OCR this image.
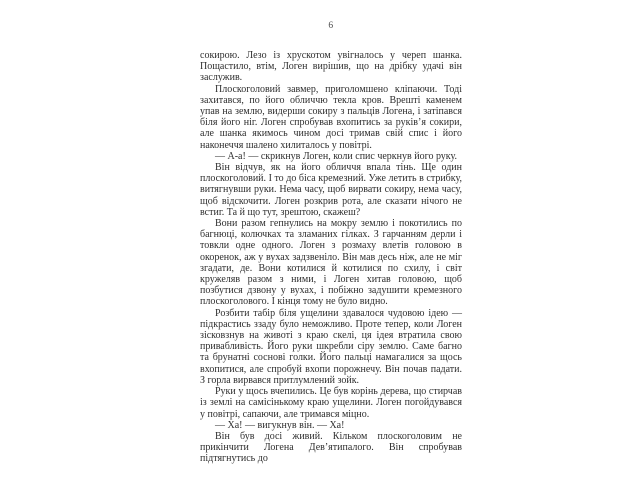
6

сокирою. Лезо із хрускотом увігналось у череп шанка. Пощастило, втім, Логен вирішив, що на дрібку удачі він заслужив.

Плоскоголовий завмер, приголомшено кліпаючи. Тоді захитався, по його обличчю текла кров. Врешті каменем упав на землю, видерши сокиру з пальців Логена, і затіпався біля його ніг. Логен спробував вхопитись за руків’я сокири, але шанка якимось чином досі тримав свій спис і його наконеччя шалено хилиталось у повітрі.

— А-а! — скрикнув Логен, коли спис черкнув його руку.

Він відчув, як на його обличчя впала тінь. Ще один плоскоголовий. І то до біса кремезний. Уже летить в стрибку, витягнувши руки. Нема часу, щоб вирвати сокиру, нема часу, щоб відскочити. Логен розкрив рота, але сказати нічого не встиг. Та й що тут, зрештою, скажеш?

Вони разом гепнулись на мокру землю і покотились по багнюці, колючках та зламаних гілках. З гарчанням дерли і товкли одне одного. Логен з розмаху влетів головою в окоренок, аж у вухах задзвеніло. Він мав десь ніж, але не міг згадати, де. Вони котилися й котилися по схилу, і світ кружеляв разом з ними, і Логен хитав головою, щоб позбутися дзвону у вухах, і побіжно задушити кремезного плоскоголового. І кінця тому не було видно.

Розбити табір біля ущелини здавалося чудовою ідею — підкрастись ззаду було неможливо. Проте тепер, коли Логен зісковзнув на животі з краю скелі, ця ідея втратила свою привабливість. Його руки шкребли сіру землю. Саме багно та брунатні соснові голки. Його пальці намагалися за щось вхопитися, але спробуй вхопи порожнечу. Він почав падати. З горла вирвався притлумлений зойк.

Руки у щось вчепились. Це був корінь дерева, що стирчав із землі на самісінькому краю ущелини. Логен погойдувався у повітрі, сапаючи, але тримався міцно.

— Ха! — вигукнув він. — Ха!

Він був досі живий. Кільком плоскоголовим не прикінчити Логена Дев’ятипалого. Він спробував підтягнутись до
